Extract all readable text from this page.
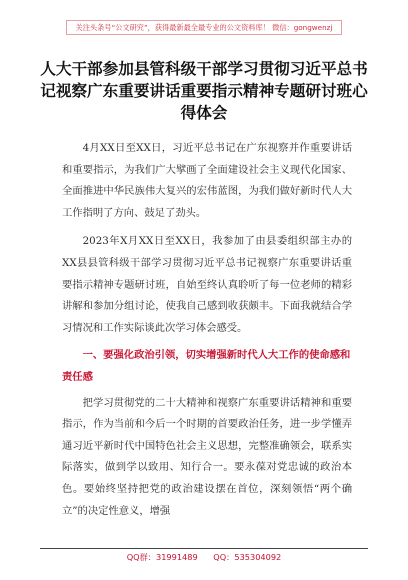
关注头条号“公文研究”，获得最新最全最专业的公文资料库！ 微信：gongwenzj
人大干部参加县管科级干部学习贯彻习近平总书记视察广东重要讲话重要指示精神专题研讨班心得体会

4月XX日至XX日，习近平总书记在广东视察并作重要讲话和重要指示，为我们广大擘画了全面建设社会主义现代化国家、全面推进中华民族伟大复兴的宏伟蓝图，为我们做好新时代人大工作指明了方向、鼓足了劲头。

2023年X月XX日至XX日，我参加了由县委组织部主办的XX县县管科级干部学习贯彻习近平总书记视察广东重要讲话重要指示精神专题研讨班，自始至终认真聆听了每一位老师的精彩讲解和参加分组讨论，使我自己感到收获颇丰。下面我就结合学习情况和工作实际谈此次学习体会感受。

一、要强化政治引领，切实增强新时代人大工作的使命感和责任感

把学习贯彻党的二十大精神和视察广东重要讲话精神和重要指示，作为当前和今后一个时期的首要政治任务，进一步学懂弄通习近平新时代中国特色社会主义思想，完整准确领会，联系实际落实，做到学以致用、知行合一。要永葆对党忠诚的政治本色。要始终坚持把党的政治建设摆在首位，深刻领悟“两个确立”的决定性意义，增强

QQ群：31991489      QQ：535304092
